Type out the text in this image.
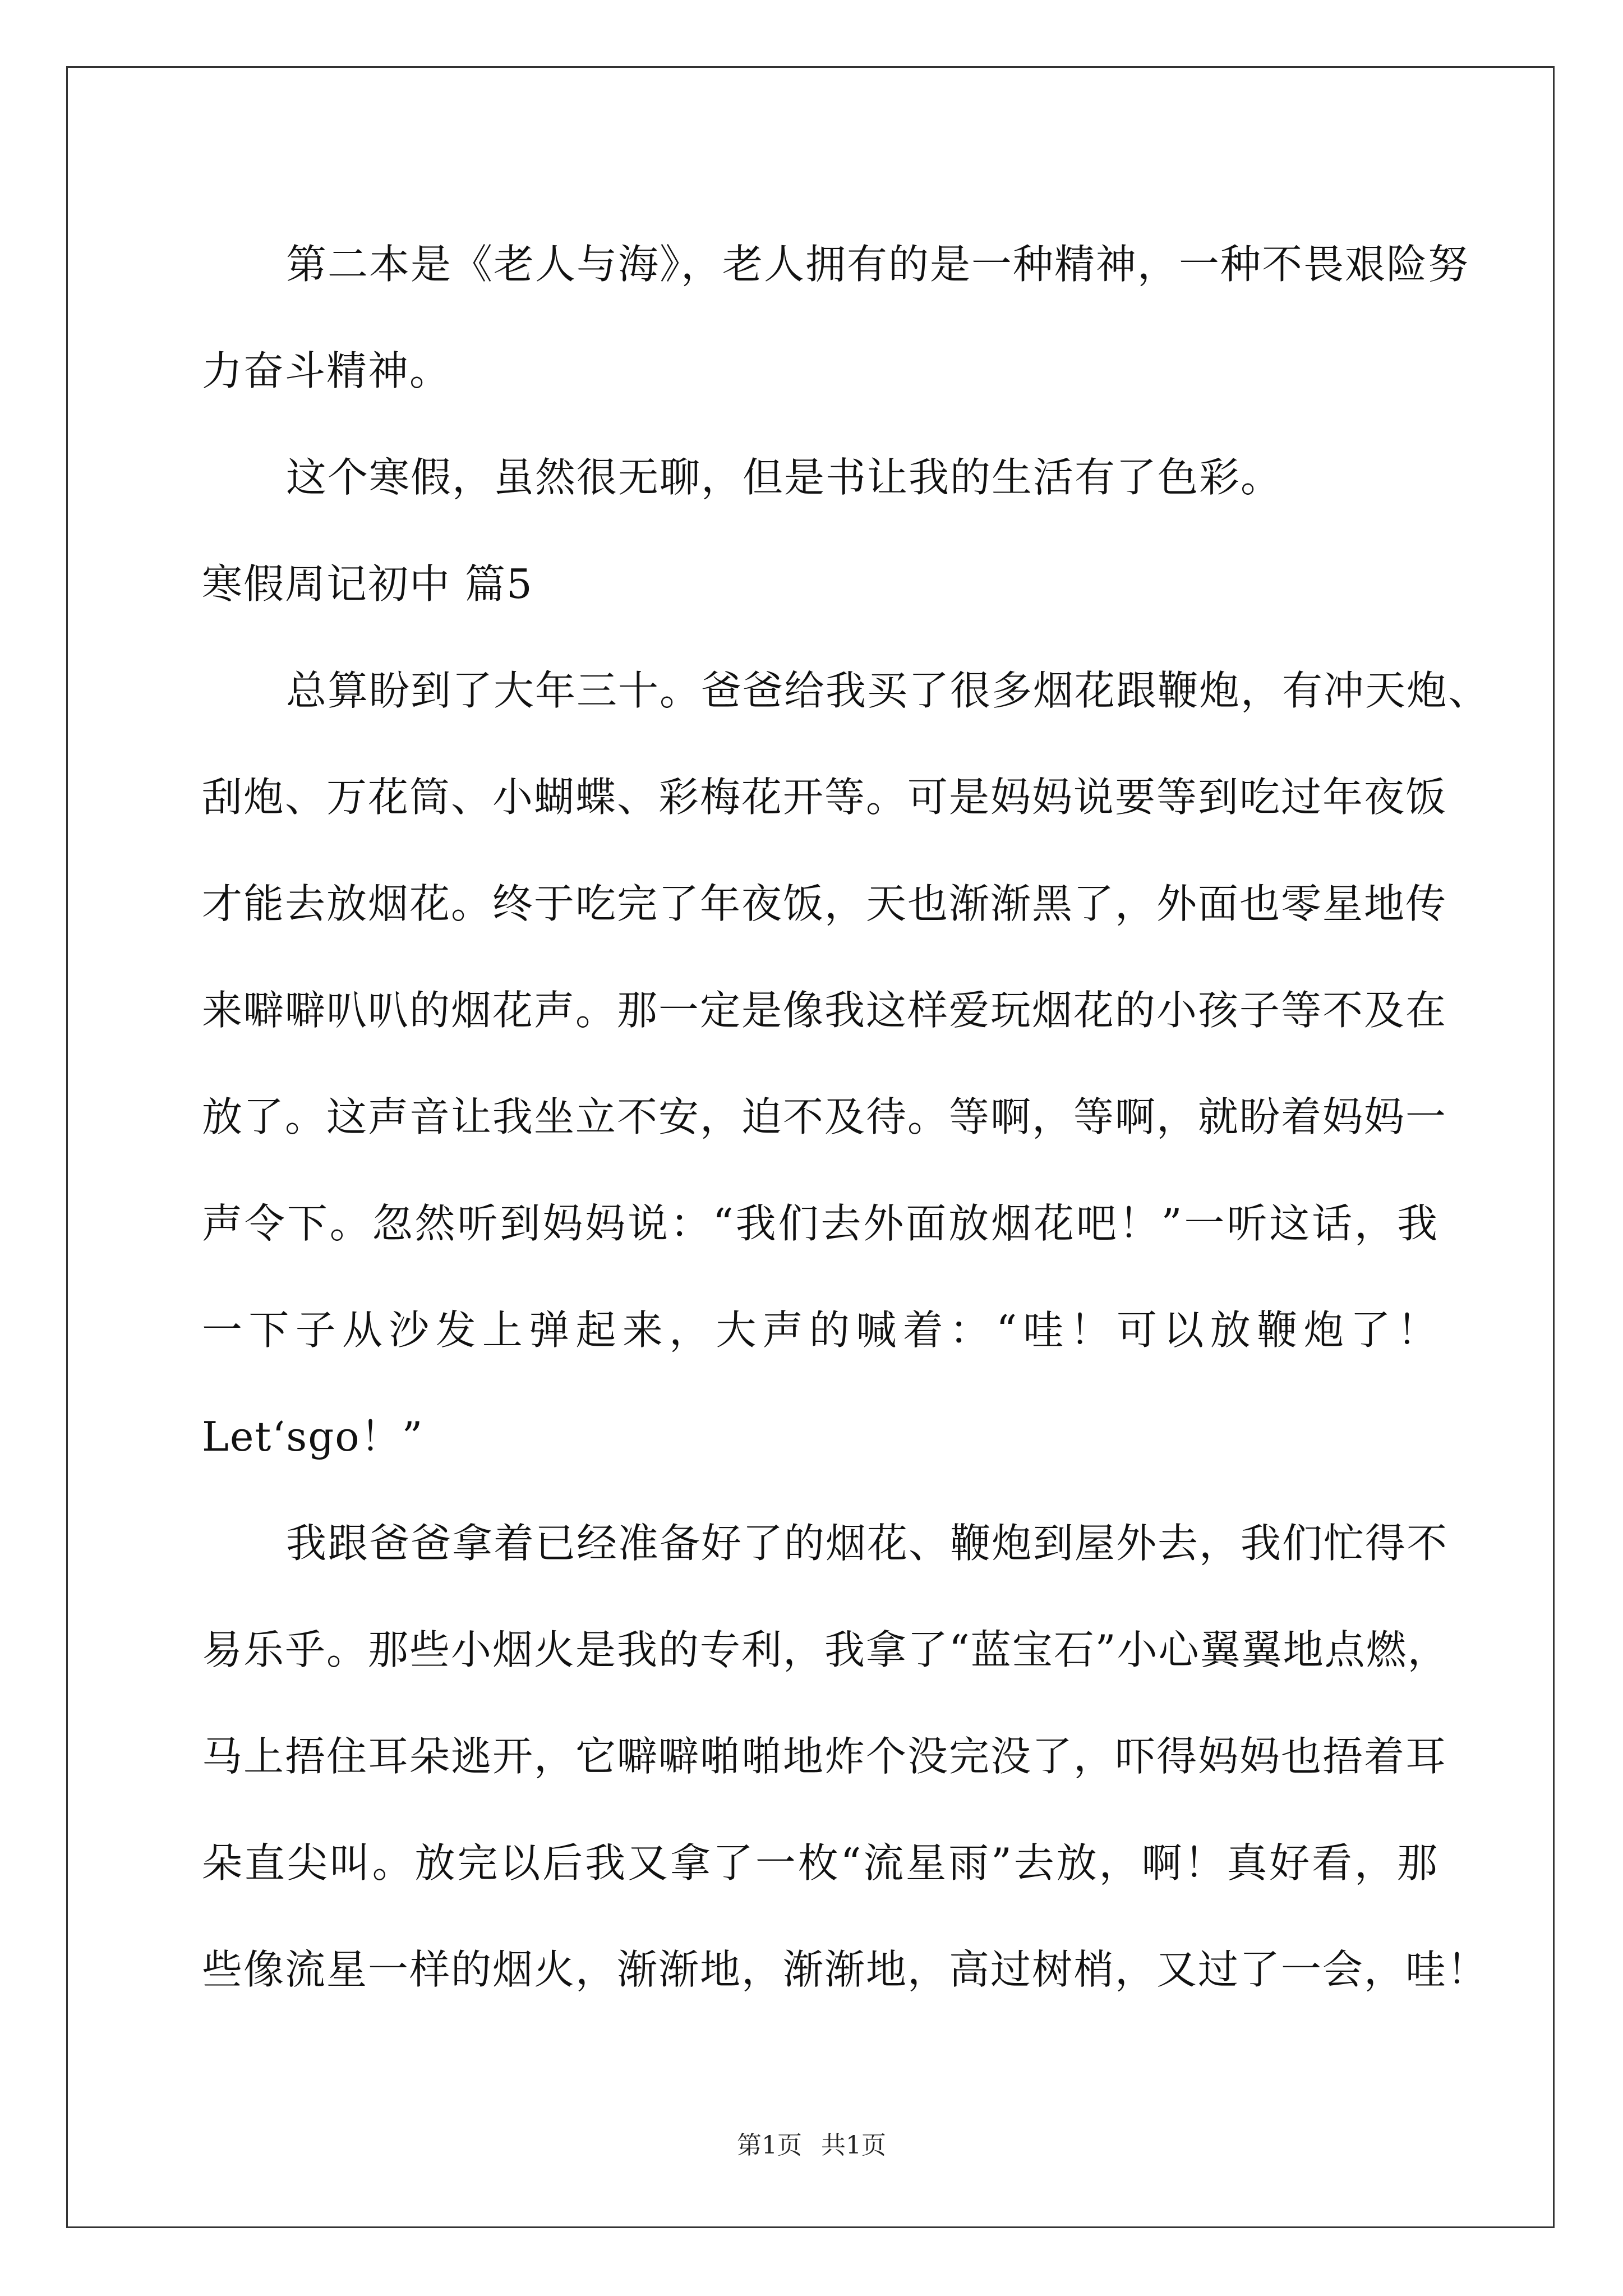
第二本是《老人与海》，老人拥有的是一种精神，一种不畏艰险努
力奋斗精神。
这个寒假，虽然很无聊，但是书让我的生活有了色彩。
寒假周记初中 篇5
总算盼到了大年三十。爸爸给我买了很多烟花跟鞭炮，有冲天炮、
刮炮、万花筒、小蝴蝶、彩梅花开等。可是妈妈说要等到吃过年夜饭
才能去放烟花。终于吃完了年夜饭，天也渐渐黑了，外面也零星地传
来噼噼叭叭的烟花声。那一定是像我这样爱玩烟花的小孩子等不及在
放了。这声音让我坐立不安，迫不及待。等啊，等啊，就盼着妈妈一
声令下。忽然听到妈妈说：“我们去外面放烟花吧！”一听这话，我
一下子从沙发上弹起来，大声的喊着：“哇！可以放鞭炮了！
Let‘sgo！”
我跟爸爸拿着已经准备好了的烟花、鞭炮到屋外去，我们忙得不
易乐乎。那些小烟火是我的专利，我拿了“蓝宝石”小心翼翼地点燃，
马上捂住耳朵逃开，它噼噼啪啪地炸个没完没了，吓得妈妈也捂着耳
朵直尖叫。放完以后我又拿了一枚“流星雨”去放，啊！真好看，那
些像流星一样的烟火，渐渐地，渐渐地，高过树梢，又过了一会，哇！
第1页 共1页
